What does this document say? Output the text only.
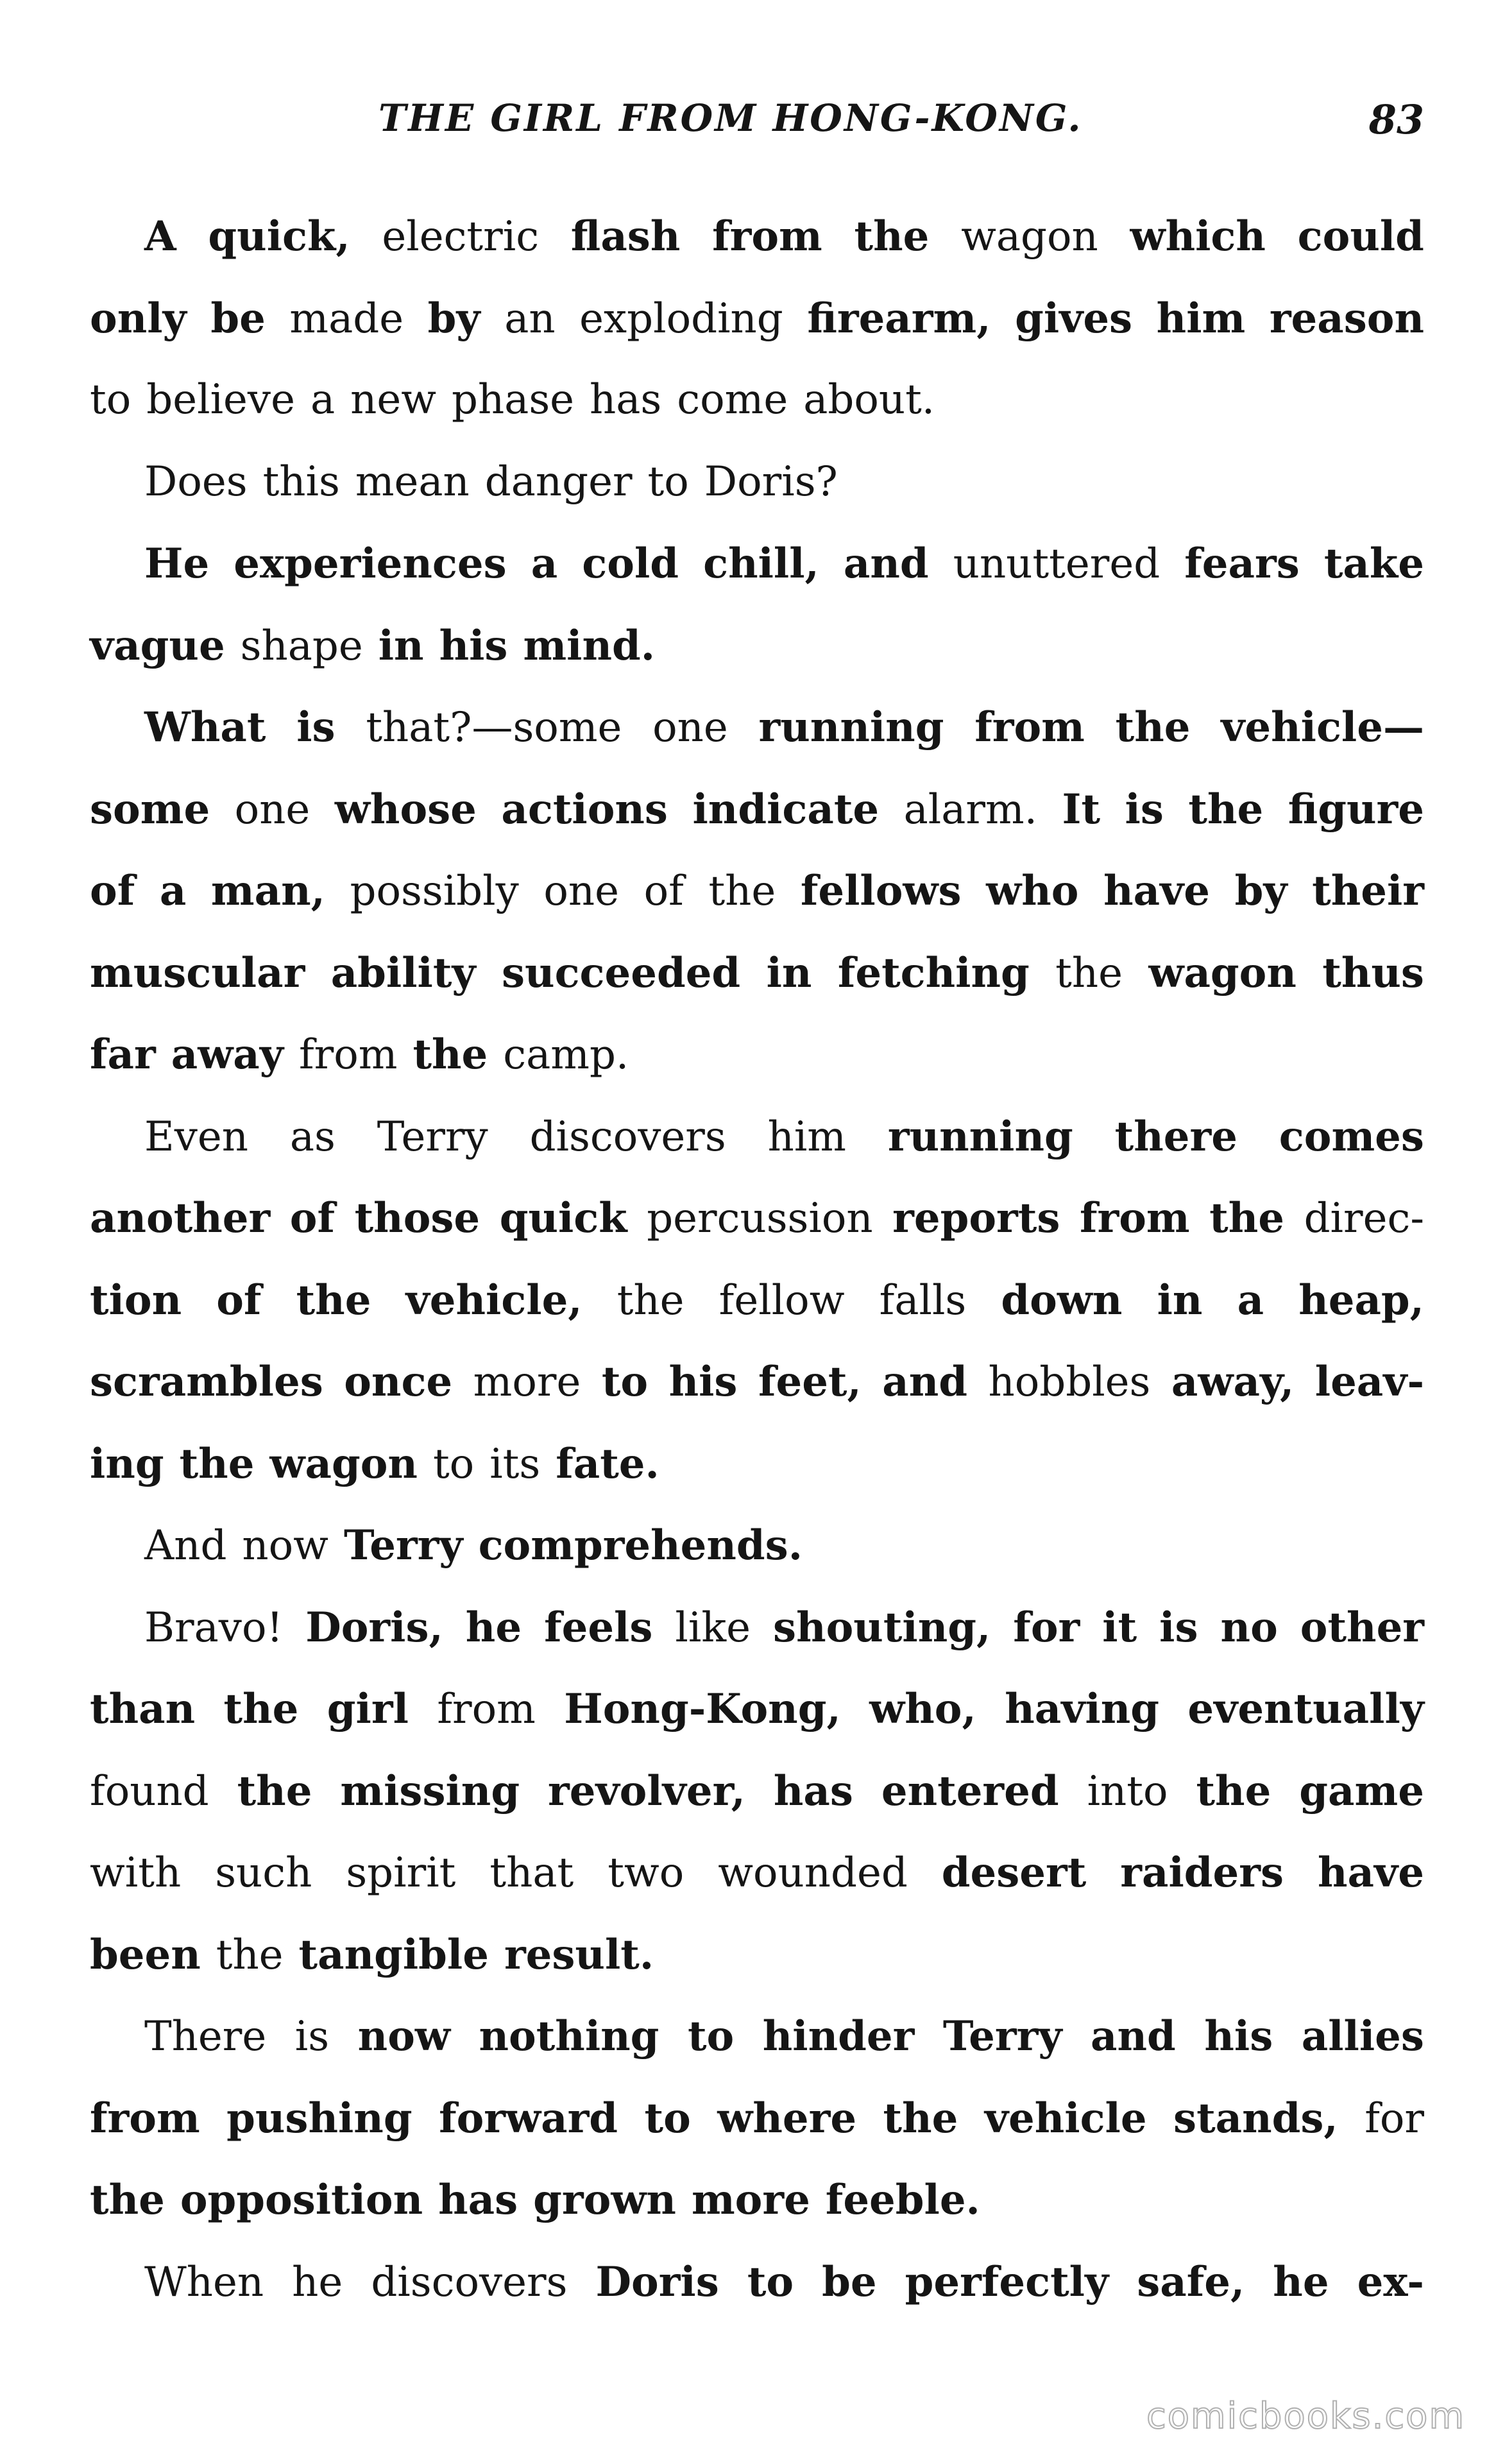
THE GIRL FROM HONG-KONG.	83
A quick, electric flash from the wagon which could
only be made by an exploding firearm, gives him reason
to believe a new phase has come about.
Does this mean danger to Doris?
He experiences a cold chill, and unuttered fears take
vague shape in his mind.
What is that?—some one running from the vehicle—
some one whose actions indicate alarm. It is the figure
of a man, possibly one of the fellows who have by their
muscular ability succeeded in fetching the wagon thus
far away from the camp.
Even as Terry discovers him running there comes
another of those quick percussion reports from the direc-
tion of the vehicle, the fellow falls down in a heap,
scrambles once more to his feet, and hobbles away, leav-
ing the wagon to its fate.
And now Terry comprehends.
Bravo! Doris, he feels like shouting, for it is no other
than the girl from Hong-Kong, who, having eventually
found the missing revolver, has entered into the game
with such spirit that two wounded desert raiders have
been the tangible result.
There is now nothing to hinder Terry and his allies
from pushing forward to where the vehicle stands, for
the opposition has grown more feeble.
When he discovers Doris to be perfectly safe, he ex-
comicbooks.com
